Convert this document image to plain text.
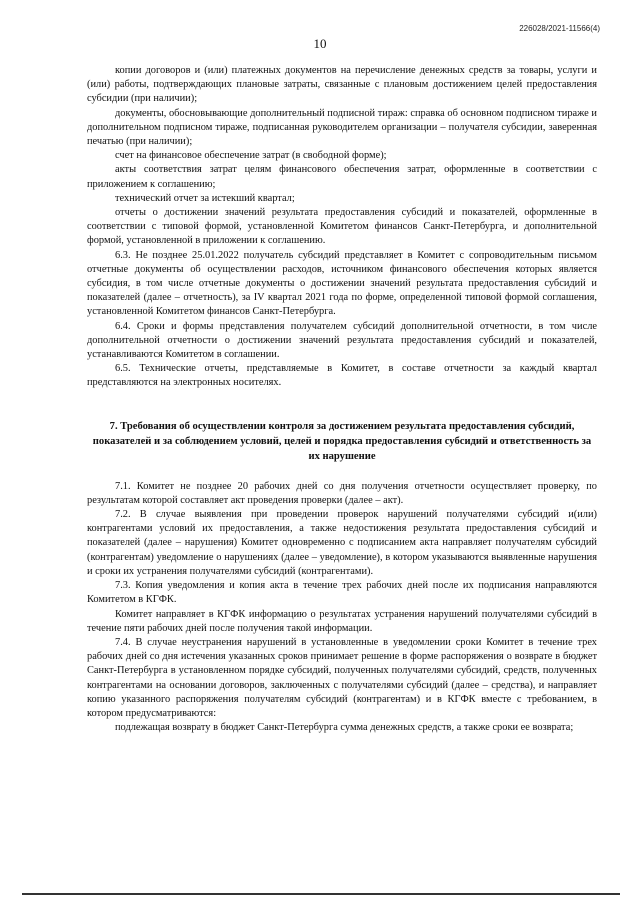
226028/2021-11566(4)
10

копии договоров и (или) платежных документов на перечисление денежных средств за товары, услуги и (или) работы, подтверждающих плановые затраты, связанные с плановым достижением целей предоставления субсидии (при наличии);

документы, обосновывающие дополнительный подписной тираж: справка об основном подписном тираже и дополнительном подписном тираже, подписанная руководителем организации – получателя субсидии, заверенная печатью (при наличии);

счет на финансовое обеспечение затрат (в свободной форме);

акты соответствия затрат целям финансового обеспечения затрат, оформленные в соответствии с приложением к соглашению;

технический отчет за истекший квартал;

отчеты о достижении значений результата предоставления субсидий и показателей, оформленные в соответствии с типовой формой, установленной Комитетом финансов Санкт-Петербурга, и дополнительной формой, установленной в приложении к соглашению.

6.3. Не позднее 25.01.2022 получатель субсидий представляет в Комитет с сопроводительным письмом отчетные документы об осуществлении расходов, источником финансового обеспечения которых является субсидия, в том числе отчетные документы о достижении значений результата предоставления субсидий и показателей (далее – отчетность), за IV квартал 2021 года по форме, определенной типовой формой соглашения, установленной Комитетом финансов Санкт-Петербурга.

6.4. Сроки и формы представления получателем субсидий дополнительной отчетности, в том числе дополнительной отчетности о достижении значений результата предоставления субсидий и показателей, устанавливаются Комитетом в соглашении.

6.5. Технические отчеты, представляемые в Комитет, в составе отчетности за каждый квартал представляются на электронных носителях.

7. Требования об осуществлении контроля за достижением результата предоставления субсидий, показателей и за соблюдением условий, целей и порядка предоставления субсидий и ответственность за их нарушение

7.1. Комитет не позднее 20 рабочих дней со дня получения отчетности осуществляет проверку, по результатам которой составляет акт проведения проверки (далее – акт).

7.2. В случае выявления при проведении проверок нарушений получателями субсидий и(или) контрагентами условий их предоставления, а также недостижения результата предоставления субсидий и показателей (далее – нарушения) Комитет одновременно с подписанием акта направляет получателям субсидий (контрагентам) уведомление о нарушениях (далее – уведомление), в котором указываются выявленные нарушения и сроки их устранения получателями субсидий (контрагентами).

7.3. Копия уведомления и копия акта в течение трех рабочих дней после их подписания направляются Комитетом в КГФК.

Комитет направляет в КГФК информацию о результатах устранения нарушений получателями субсидий в течение пяти рабочих дней после получения такой информации.

7.4. В случае неустранения нарушений в установленные в уведомлении сроки Комитет в течение трех рабочих дней со дня истечения указанных сроков принимает решение в форме распоряжения о возврате в бюджет Санкт-Петербурга в установленном порядке субсидий, полученных получателями субсидий, средств, полученных контрагентами на основании договоров, заключенных с получателями субсидий (далее – средства), и направляет копию указанного распоряжения получателям субсидий (контрагентам) и в КГФК вместе с требованием, в котором предусматриваются:

подлежащая возврату в бюджет Санкт-Петербурга сумма денежных средств, а также сроки ее возврата;
